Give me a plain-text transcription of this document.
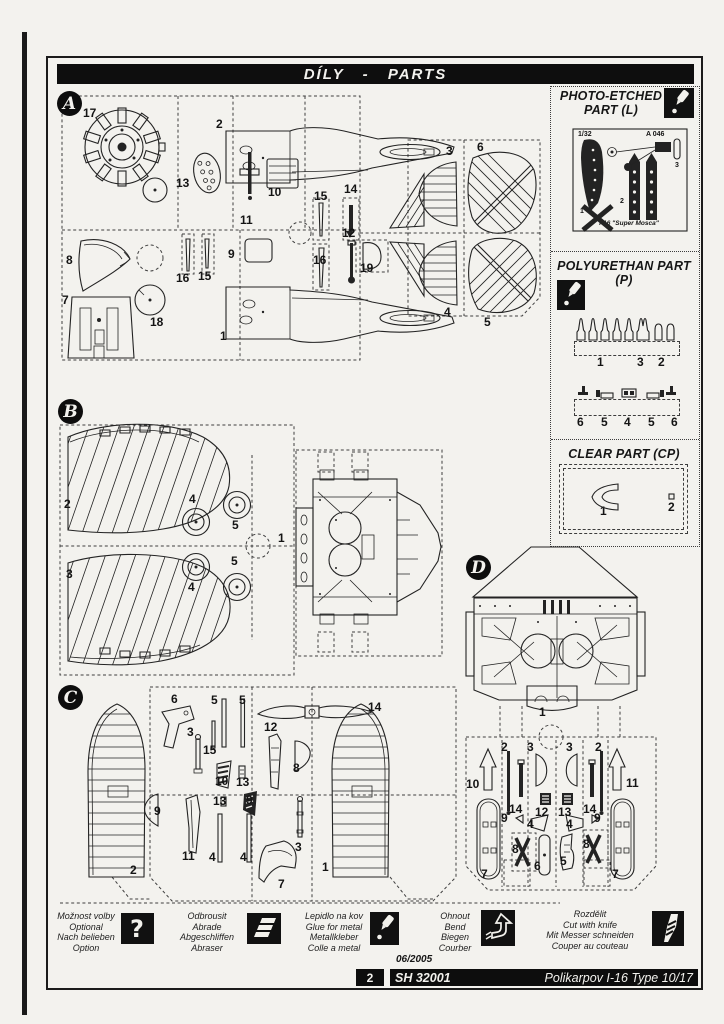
DÍLY - PARTS
PHOTO-ETCHED
PART (L)
POLYURETHAN PART (P)
1	3 2
6 5 4 5 6
CLEAR PART (CP)
1	2
1/32	A 046
3
1
2
I-16 "Super Mosca"
A 17
2
13
10
11
9
8
16 15
7
18
1
15 14
16
12
19
3 6
4
5
B
2
3
4
5
5
4
1
C	6	5 5	14
3
15
12
8
10 13
9
13 9
11 4 4
3
7
2	1
D
1
10
2 3	3 2
11
14 12 13 14
9 4	4 9
8	8
6 5
7	7
Možnost volby
Optional
Nach belieben
Option
?	Odbrousit
Abrade
Abgeschliffen
Abraser
Lepidlo na kov
Glue for metal
Metallkleber
Colle a metal
Ohnout
Bend
Biegen
Courber
Rozdělit
Cut with knife
Mit Messer schneiden
Couper au couteau
06/2005
2 SH 32001	Polikarpov I-16 Type 10/17
